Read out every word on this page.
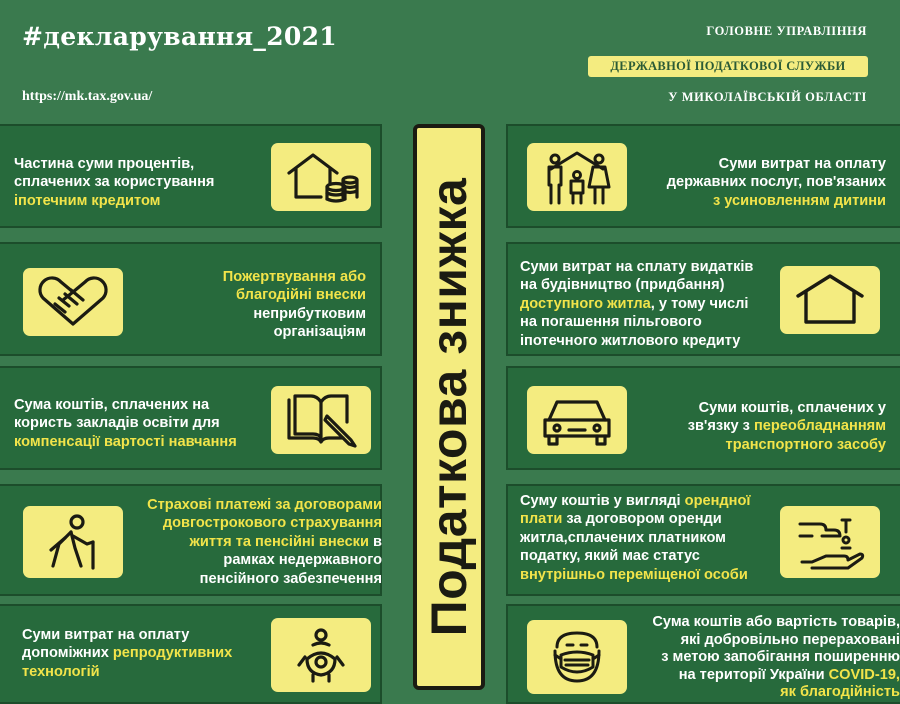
#декларування_2021
https://mk.tax.gov.ua/
ГОЛОВНЕ УПРАВЛІННЯ
ДЕРЖАВНОЇ ПОДАТКОВОЇ СЛУЖБИ
У МИКОЛАЇВСЬКІЙ ОБЛАСТІ
Податкова знижка
Частина суми процентів,
сплачених за користування
іпотечним кредитом
Пожертвування або
благодійні внески
неприбутковим
організаціям
Сума коштів, сплачених на
користь закладів освіти для
компенсації вартості навчання
Страхові платежі за договорами
довгострокового страхування
життя та пенсійні внески в
рамках недержавного
пенсійного забезпечення
Суми витрат на оплату
допоміжних репродуктивних
технологій
Суми витрат на оплату
державних послуг, пов'язаних
з усиновленням дитини
Суми витрат на сплату видатків
на будівництво (придбання)
доступного житла, у тому числі
на погашення пільгового
іпотечного житлового кредиту
Суми коштів, сплачених у
зв'язку з переобладнанням
транспортного засобу
Суму коштів у вигляді орендної
плати за договором оренди
житла,сплачених платником
податку, який має статус
внутрішньо переміщеної особи
Сума коштів або вартість товарів,
які добровільно перераховані
з метою запобігання поширенню
на території України COVID-19,
як благодійність
